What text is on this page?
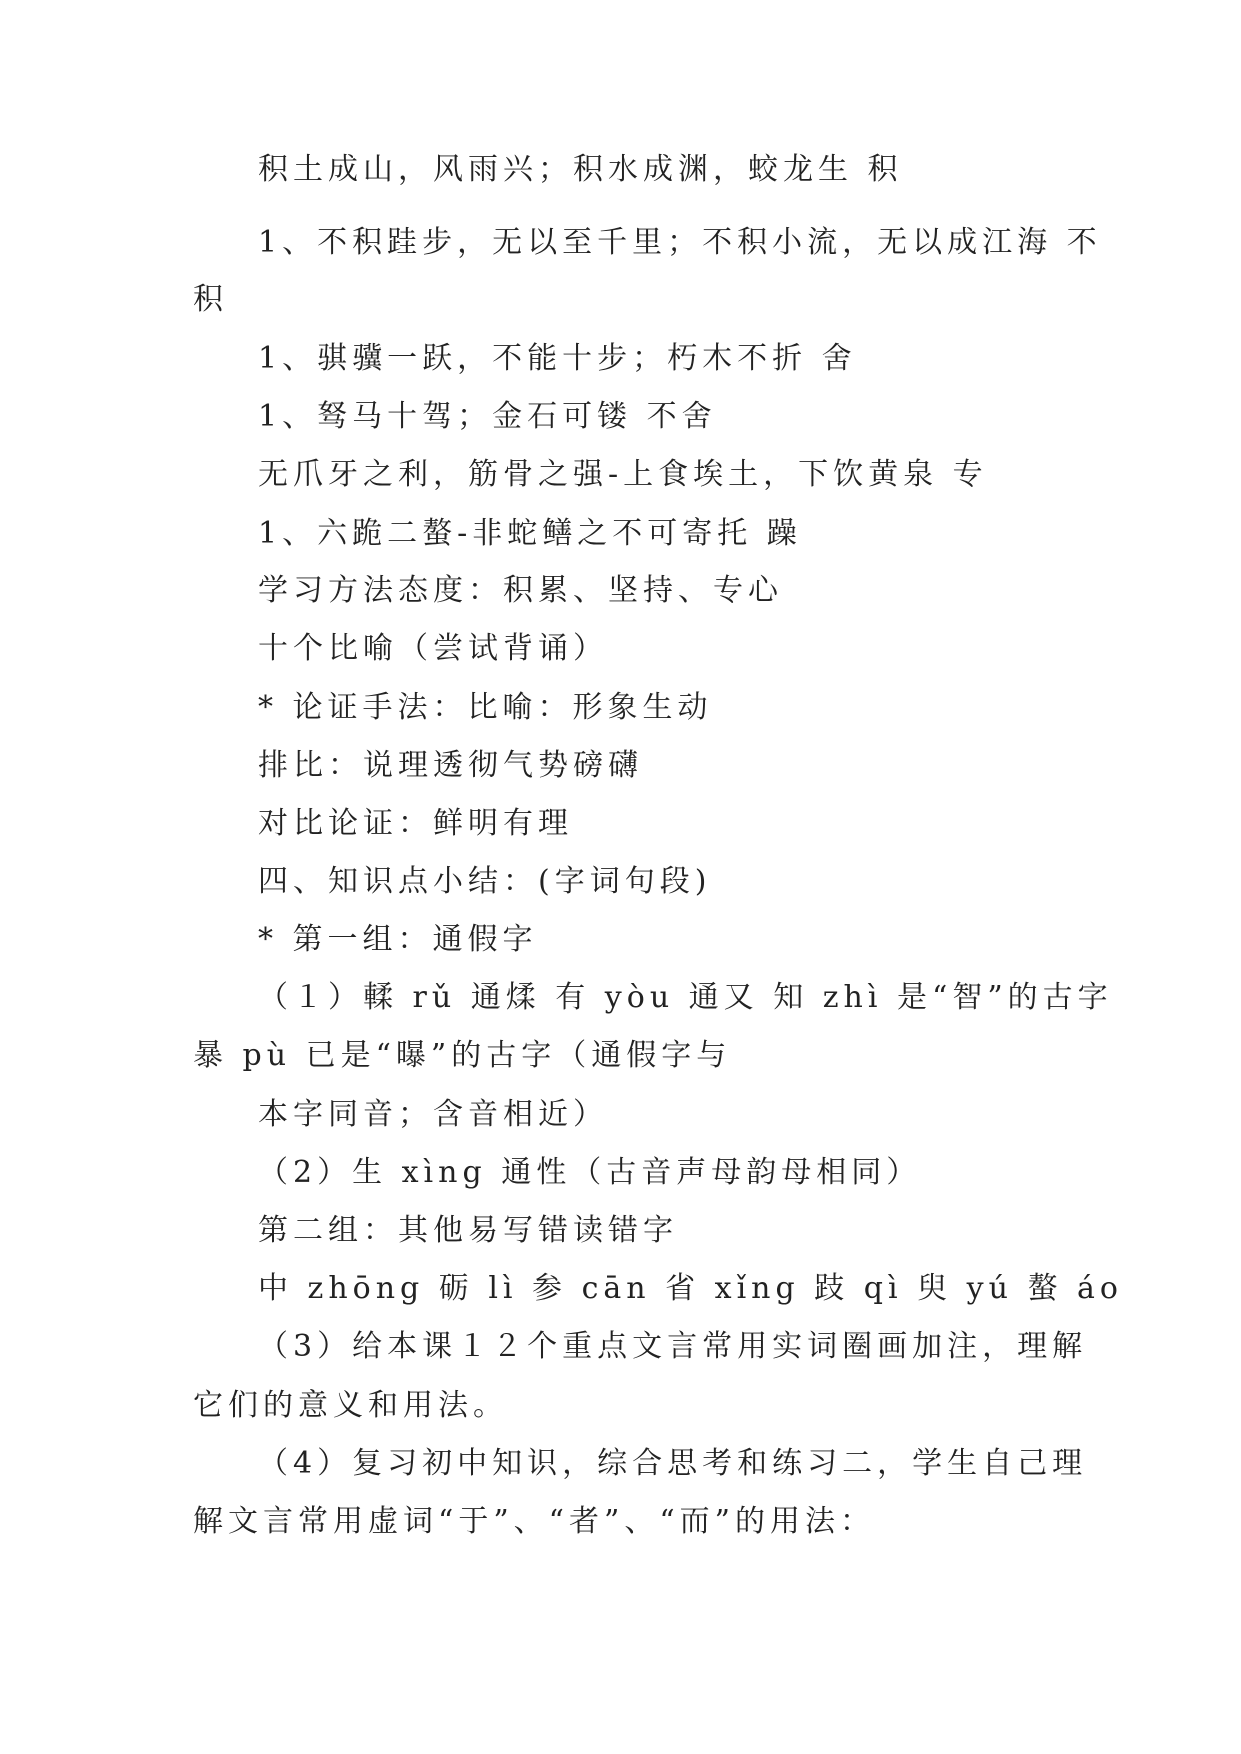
积土成山，风雨兴；积水成渊，蛟龙生 积
1、不积跬步，无以至千里；不积小流，无以成江海 不
积
1、骐骥一跃，不能十步；朽木不折 舍
1、驽马十驾；金石可镂 不舍
无爪牙之利，筋骨之强-上食埃土，下饮黄泉 专
1、六跪二螯-非蛇鳝之不可寄托 躁
学习方法态度：积累、坚持、专心
十个比喻（尝试背诵）
* 论证手法：比喻：形象生动
排比：说理透彻气势磅礴
对比论证：鲜明有理
四、知识点小结：(字词句段)
* 第一组：通假字
（１）輮 rǔ 通煣 有 yòu 通又 知 zhì 是“智”的古字
暴 pù 已是“曝”的古字（通假字与
本字同音；含音相近）
（2）生 xìng 通性（古音声母韵母相同）
第二组：其他易写错读错字
中 zhōng 砺 lì 参 cān 省 xǐng 跂 qì 臾 yú 螯 áo
（3）给本课１２个重点文言常用实词圈画加注，理解
它们的意义和用法。
（4）复习初中知识，综合思考和练习二，学生自己理
解文言常用虚词“于”、“者”、“而”的用法：
